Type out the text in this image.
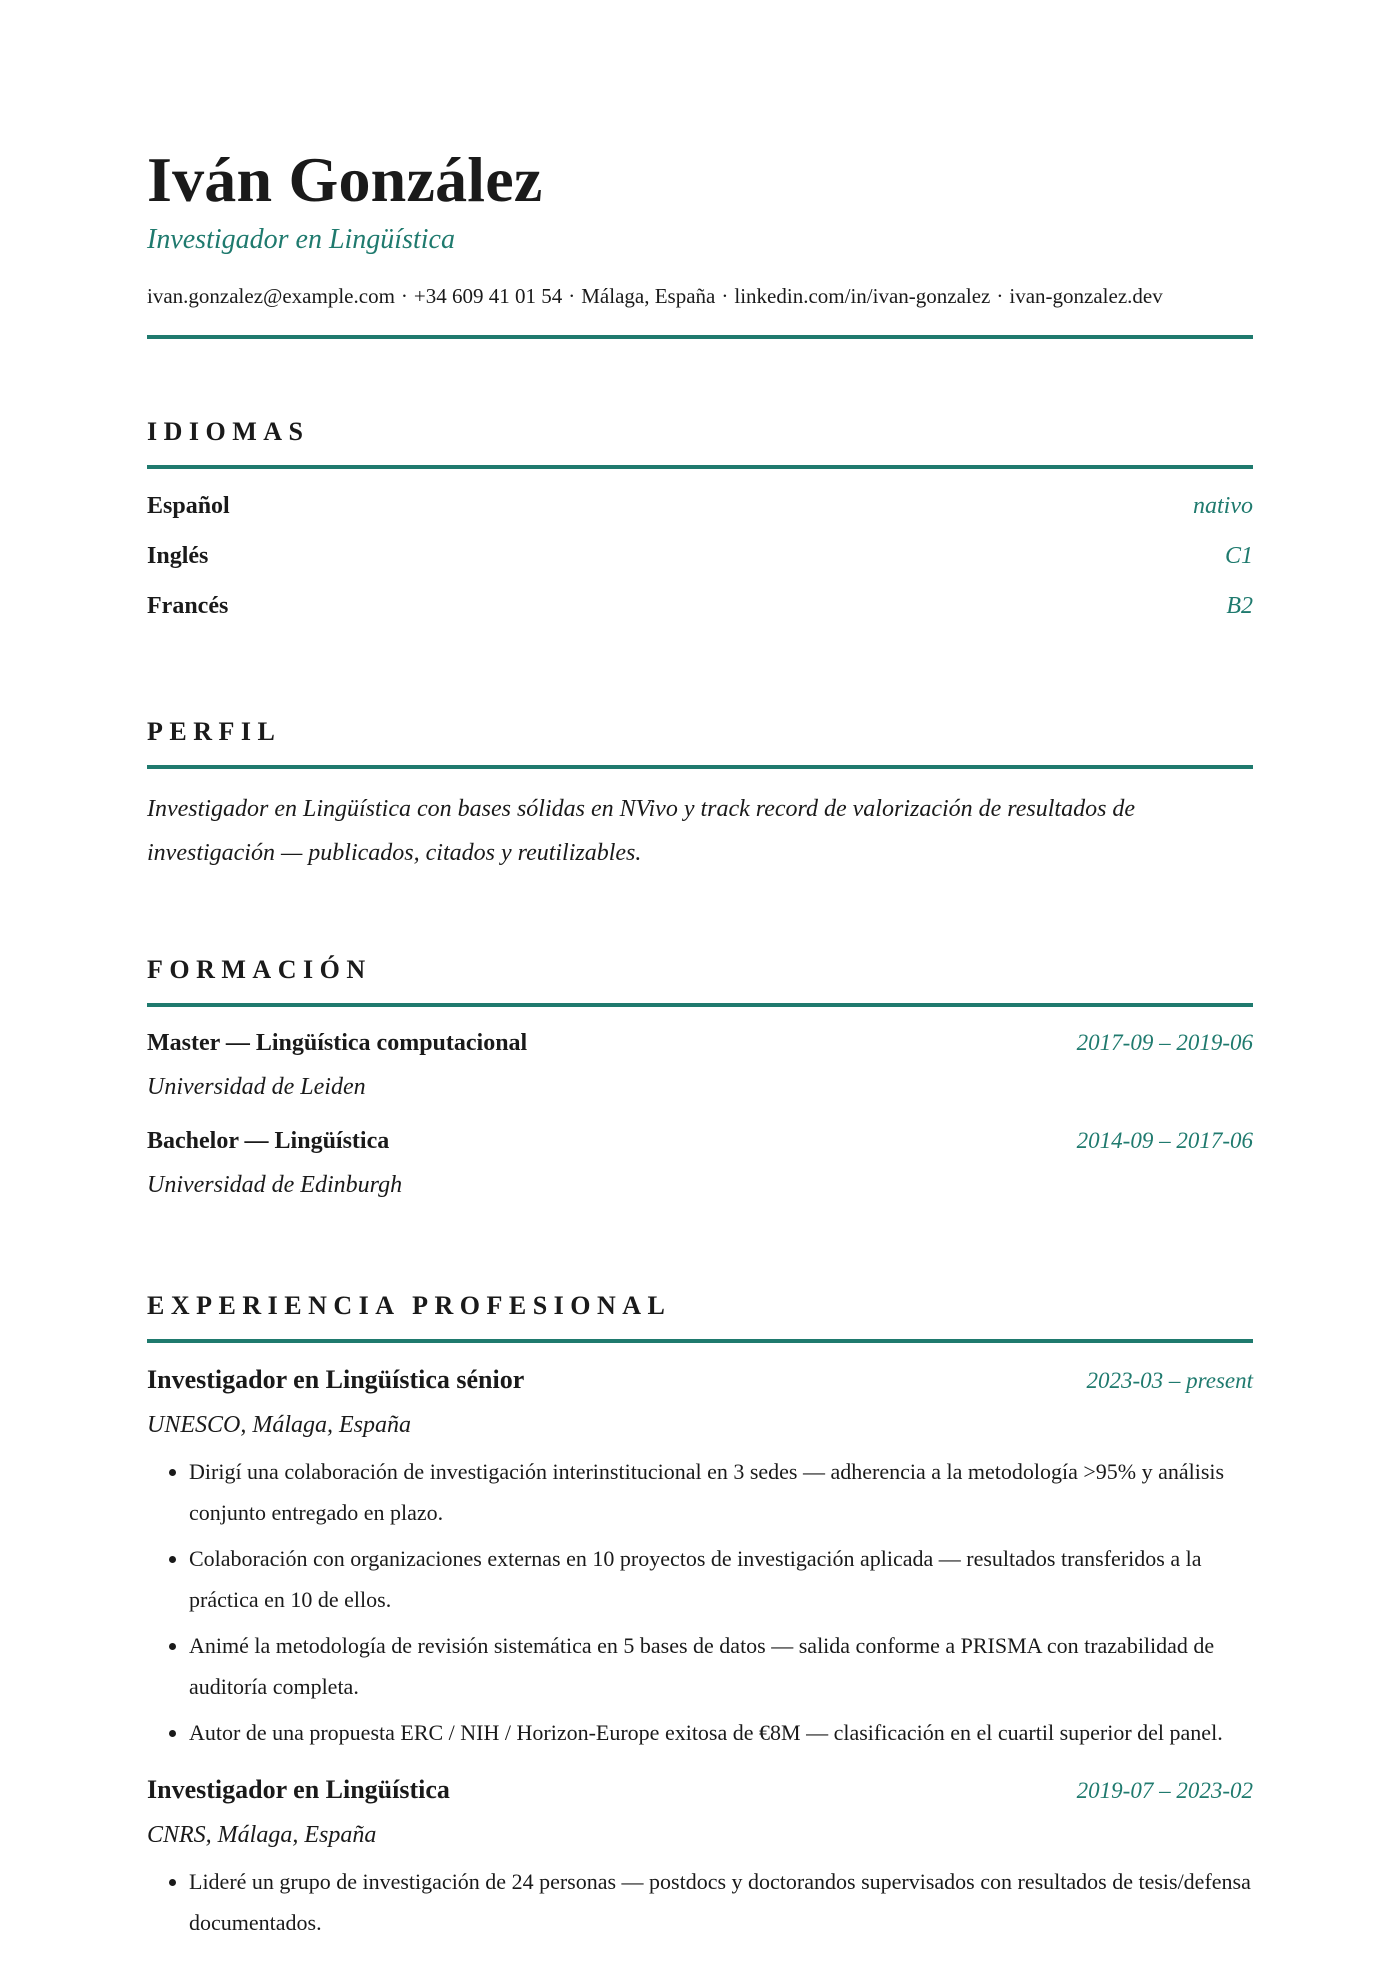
Iván González
Investigador en Lingüística
ivan.gonzalez@example.com · +34 609 41 01 54 · Málaga, España · linkedin.com/in/ivan-gonzalez · ivan-gonzalez.dev
IDIOMAS
Español	nativo
Inglés	C1
Francés	B2
PERFIL

Investigador en Lingüística con bases sólidas en NVivo y track record de valorización de resultados de investigación — publicados, citados y reutilizables.

FORMACIÓN
Master — Lingüística computacional	2017-09 – 2019-06
Universidad de Leiden
Bachelor — Lingüística	2014-09 – 2017-06
Universidad de Edinburgh
EXPERIENCIA PROFESIONAL
Investigador en Lingüística sénior	2023-03 – present
UNESCO, Málaga, España
• Dirigí una colaboración de investigación interinstitucional en 3 sedes — adherencia a la metodología >95% y análisis conjunto entregado en plazo.
• Colaboración con organizaciones externas en 10 proyectos de investigación aplicada — resultados transferidos a la práctica en 10 de ellos.
• Animé la metodología de revisión sistemática en 5 bases de datos — salida conforme a PRISMA con trazabilidad de auditoría completa.
• Autor de una propuesta ERC / NIH / Horizon-Europe exitosa de €8M — clasificación en el cuartil superior del panel.
Investigador en Lingüística	2019-07 – 2023-02
CNRS, Málaga, España
• Lideré un grupo de investigación de 24 personas — postdocs y doctorandos supervisados con resultados de tesis/defensa documentados.
